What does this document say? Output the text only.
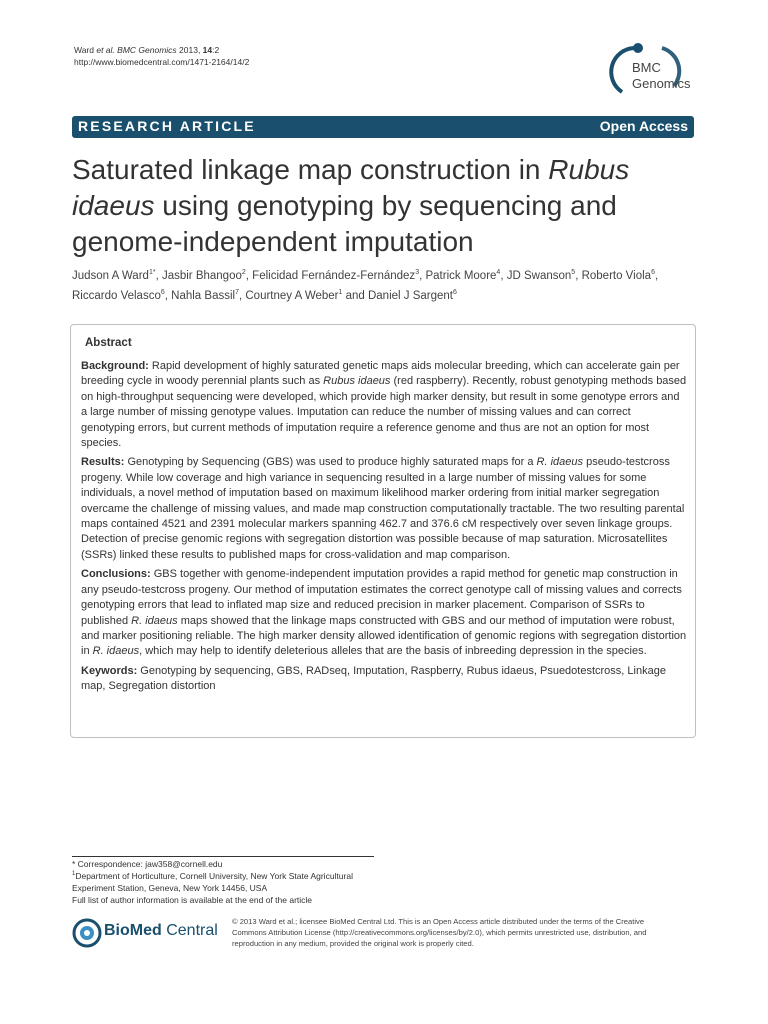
Ward et al. BMC Genomics 2013, 14:2
http://www.biomedcentral.com/1471-2164/14/2	BMC
Genomics
RESEARCH ARTICLE	Open Access
Saturated linkage map construction in Rubus
idaeus using genotyping by sequencing and genome-independent imputation
Judson A Ward$^{1*}$, Jasbir Bhangoo$^2$, Felicidad Fernández-Fernández$^3$, Patrick Moore$^4$, JD Swanson$^5$, Roberto Viola$^6$, Riccardo Velasco$^6$, Nahla Bassil$^7$, Courtney A Weber$^1$ and Daniel J Sargent$^6$
Abstract

Background: Rapid development of highly saturated genetic maps aids molecular breeding, which can accelerate gain per breeding cycle in woody perennial plants such as Rubus idaeus (red raspberry). Recently, robust genotyping methods based on high-throughput sequencing were developed, which provide high marker density, but result in some genotype errors and a large number of missing genotype values. Imputation can reduce the number of missing values and can correct genotyping errors, but current methods of imputation require a reference genome and thus are not an option for most species.

Results: Genotyping by Sequencing (GBS) was used to produce highly saturated maps for a R. idaeus pseudo-testcross progeny. While low coverage and high variance in sequencing resulted in a large number of missing values for some individuals, a novel method of imputation based on maximum likelihood marker ordering from initial marker segregation overcame the challenge of missing values, and made map construction computationally tractable. The two resulting parental maps contained 4521 and 2391 molecular markers spanning 462.7 and 376.6 cM respectively over seven linkage groups. Detection of precise genomic regions with segregation distortion was possible because of map saturation. Microsatellites (SSRs) linked these results to published maps for cross-validation and map comparison.

Conclusions: GBS together with genome-independent imputation provides a rapid method for genetic map construction in any pseudo-testcross progeny. Our method of imputation estimates the correct genotype call of missing values and corrects genotyping errors that lead to inflated map size and reduced precision in marker placement. Comparison of SSRs to published R. idaeus maps showed that the linkage maps constructed with GBS and our method of imputation were robust, and marker positioning reliable. The high marker density allowed identification of genomic regions with segregation distortion in R. idaeus, which may help to identify deleterious alleles that are the basis of inbreeding depression in the species.

Keywords: Genotyping by sequencing, GBS, RADseq, Imputation, Raspberry, Rubus idaeus, Psuedotestcross, Linkage map, Segregation distortion

* Correspondence: jaw358@cornell.edu
$^1$Department of Horticulture, Cornell University, New York State Agricultural Experiment Station, Geneva, New York 14456, USA
Full list of author information is available at the end of the article
BioMed Central
© 2013 Ward et al.; licensee BioMed Central Ltd. This is an Open Access article distributed under the terms of the Creative Commons Attribution License (http://creativecommons.org/licenses/by/2.0), which permits unrestricted use, distribution, and reproduction in any medium, provided the original work is properly cited.
